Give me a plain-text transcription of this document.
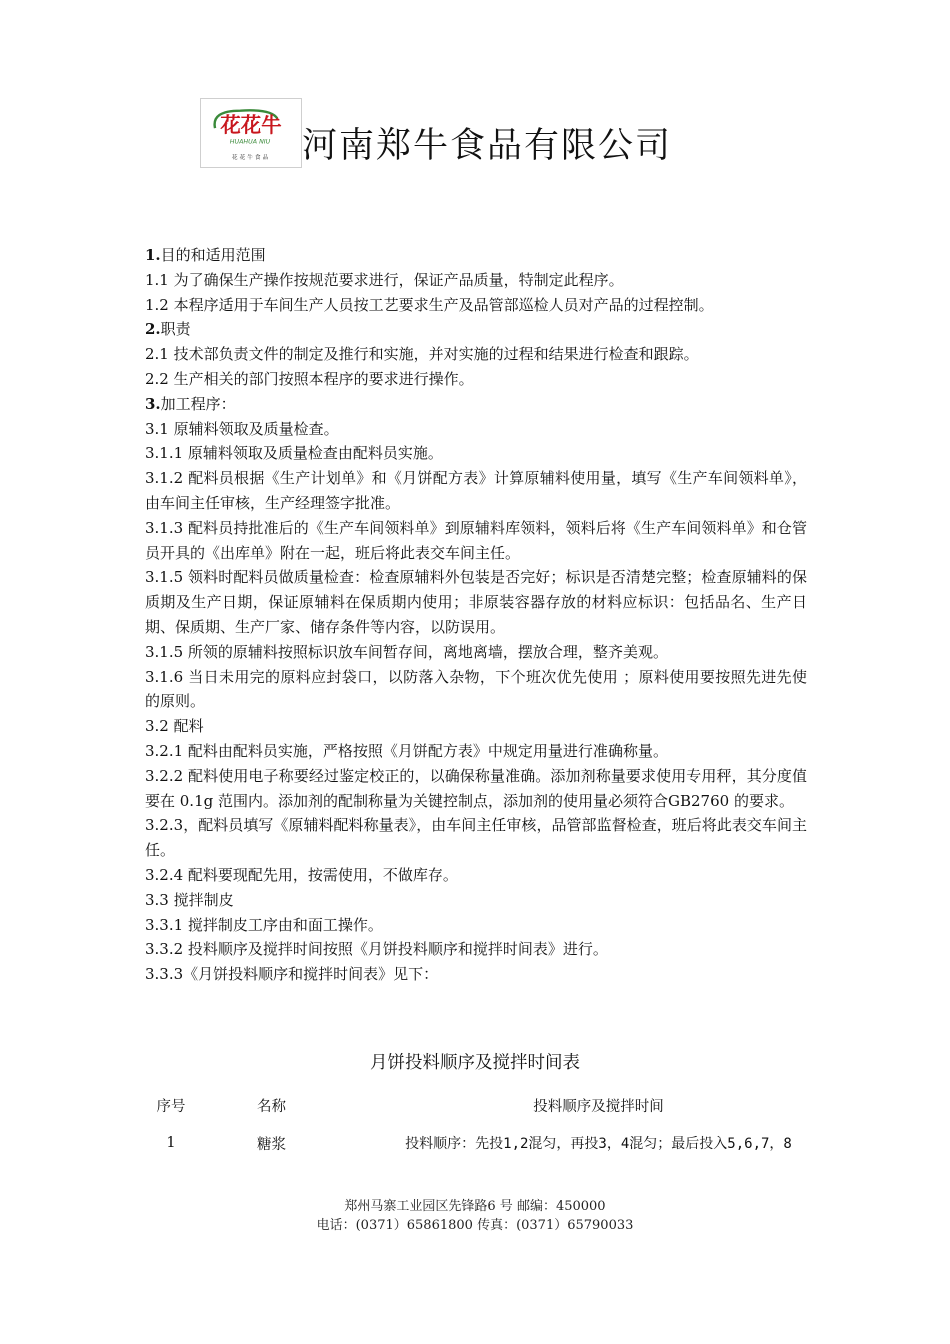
花花牛
HUAHUA NIU
花 花 牛 食 品 河南郑牛食品有限公司

1.目的和适用范围

1.1 为了确保生产操作按规范要求进行，保证产品质量，特制定此程序。

1.2 本程序适用于车间生产人员按工艺要求生产及品管部巡检人员对产品的过程控制。

2.职责

2.1 技术部负责文件的制定及推行和实施，并对实施的过程和结果进行检查和跟踪。

2.2 生产相关的部门按照本程序的要求进行操作。

3.加工程序：

3.1 原辅料领取及质量检查。

3.1.1 原辅料领取及质量检查由配料员实施。

3.1.2 配料员根据《生产计划单》和《月饼配方表》计算原辅料使用量，填写《生产车间领料单》，由车间主任审核，生产经理签字批准。

3.1.3 配料员持批准后的《生产车间领料单》到原辅料库领料，领料后将《生产车间领料单》和仓管员开具的《出库单》附在一起，班后将此表交车间主任。

3.1.5 领料时配料员做质量检查：检查原辅料外包装是否完好；标识是否清楚完整；检查原辅料的保质期及生产日期，保证原辅料在保质期内使用；非原装容器存放的材料应标识：包括品名、生产日期、保质期、生产厂家、储存条件等内容，以防误用。

3.1.5 所领的原辅料按照标识放车间暂存间，离地离墙，摆放合理，整齐美观。

3.1.6 当日未用完的原料应封袋口，以防落入杂物，下个班次优先使用 ；原料使用要按照先进先使的原则。

3.2 配料

3.2.1 配料由配料员实施，严格按照《月饼配方表》中规定用量进行准确称量。

3.2.2 配料使用电子称要经过鉴定校正的，以确保称量准确。添加剂称量要求使用专用秤，其分度值要在 0.1g 范围内。添加剂的配制称量为关键控制点，添加剂的使用量必须符合GB2760 的要求。

3.2.3，配料员填写《原辅料配料称量表》，由车间主任审核，品管部监督检查，班后将此表交车间主任。

3.2.4 配料要现配先用，按需使用，不做库存。

3.3 搅拌制皮

3.3.1 搅拌制皮工序由和面工操作。

3.3.2 投料顺序及搅拌时间按照《月饼投料顺序和搅拌时间表》进行。

3.3.3《月饼投料顺序和搅拌时间表》见下：

月饼投料顺序及搅拌时间表
序号	名称	投料顺序及搅拌时间
1	糖浆	投料顺序：先投1,2混匀，再投3，4混匀；最后投入5,6,7，8
郑州马寨工业园区先锋路6 号 邮编：450000
电话：(0371）65861800 传真：(0371）65790033
